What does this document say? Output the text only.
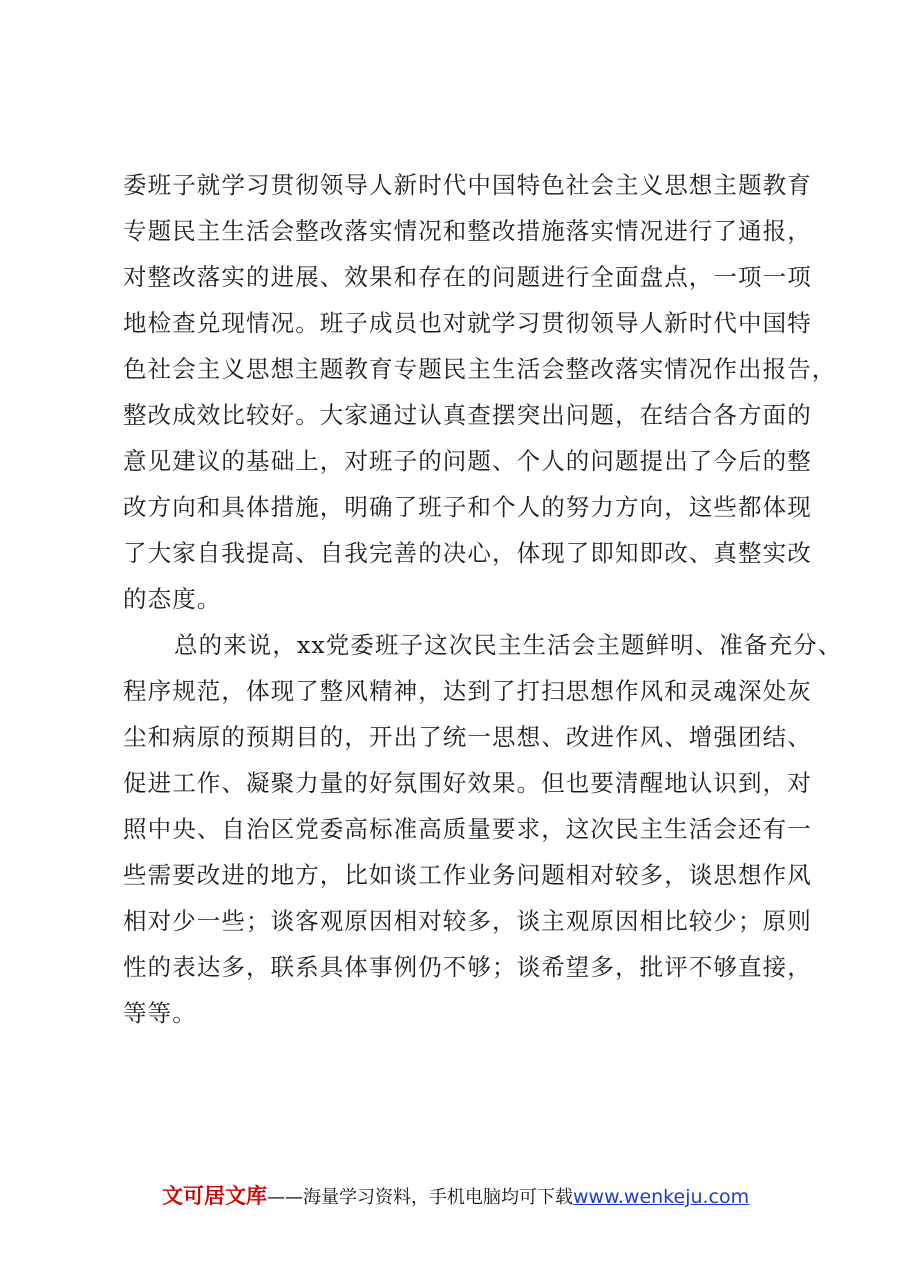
委班子就学习贯彻领导人新时代中国特色社会主义思想主题教育
专题民主生活会整改落实情况和整改措施落实情况进行了通报，
对整改落实的进展、效果和存在的问题进行全面盘点，一项一项
地检查兑现情况。班子成员也对就学习贯彻领导人新时代中国特
色社会主义思想主题教育专题民主生活会整改落实情况作出报告，
整改成效比较好。大家通过认真查摆突出问题，在结合各方面的
意见建议的基础上，对班子的问题、个人的问题提出了今后的整
改方向和具体措施，明确了班子和个人的努力方向，这些都体现
了大家自我提高、自我完善的决心，体现了即知即改、真整实改
的态度。
总的来说，xx党委班子这次民主生活会主题鲜明、准备充分、
程序规范，体现了整风精神，达到了打扫思想作风和灵魂深处灰
尘和病原的预期目的，开出了统一思想、改进作风、增强团结、
促进工作、凝聚力量的好氛围好效果。但也要清醒地认识到，对
照中央、自治区党委高标准高质量要求，这次民主生活会还有一
些需要改进的地方，比如谈工作业务问题相对较多，谈思想作风
相对少一些；谈客观原因相对较多，谈主观原因相比较少；原则
性的表达多，联系具体事例仍不够；谈希望多，批评不够直接，
等等。
文可居文库——海量学习资料，手机电脑均可下载www.wenkeju.com
